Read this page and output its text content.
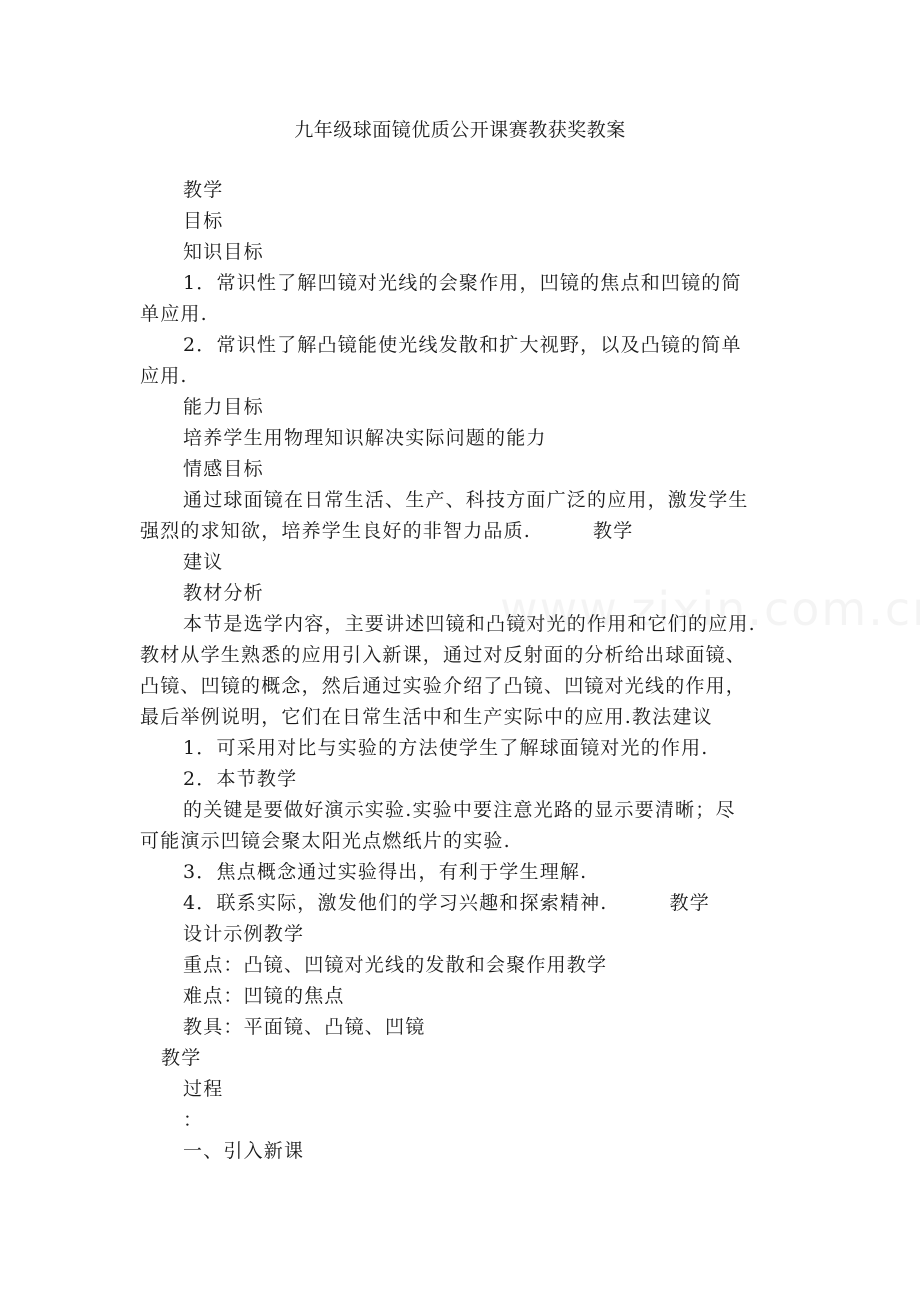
九年级球面镜优质公开课赛教获奖教案
教学
目标
知识目标
1．常识性了解凹镜对光线的会聚作用，凹镜的焦点和凹镜的简
单应用.
2．常识性了解凸镜能使光线发散和扩大视野，以及凸镜的简单
应用.
能力目标
培养学生用物理知识解决实际问题的能力
情感目标
通过球面镜在日常生活、生产、科技方面广泛的应用，激发学生
强烈的求知欲，培养学生良好的非智力品质.	教学
建议
教材分析
本节是选学内容，主要讲述凹镜和凸镜对光的作用和它们的应用.
教材从学生熟悉的应用引入新课，通过对反射面的分析给出球面镜、
凸镜、凹镜的概念，然后通过实验介绍了凸镜、凹镜对光线的作用，
最后举例说明，它们在日常生活中和生产实际中的应用.教法建议
1．可采用对比与实验的方法使学生了解球面镜对光的作用.
2．本节教学
的关键是要做好演示实验.实验中要注意光路的显示要清晰；尽
可能演示凹镜会聚太阳光点燃纸片的实验.
3．焦点概念通过实验得出，有利于学生理解.
4．联系实际，激发他们的学习兴趣和探索精神.	教学
设计示例教学
重点：凸镜、凹镜对光线的发散和会聚作用教学
难点：凹镜的焦点
教具：平面镜、凸镜、凹镜
教学
过程
：
一、引入新课
